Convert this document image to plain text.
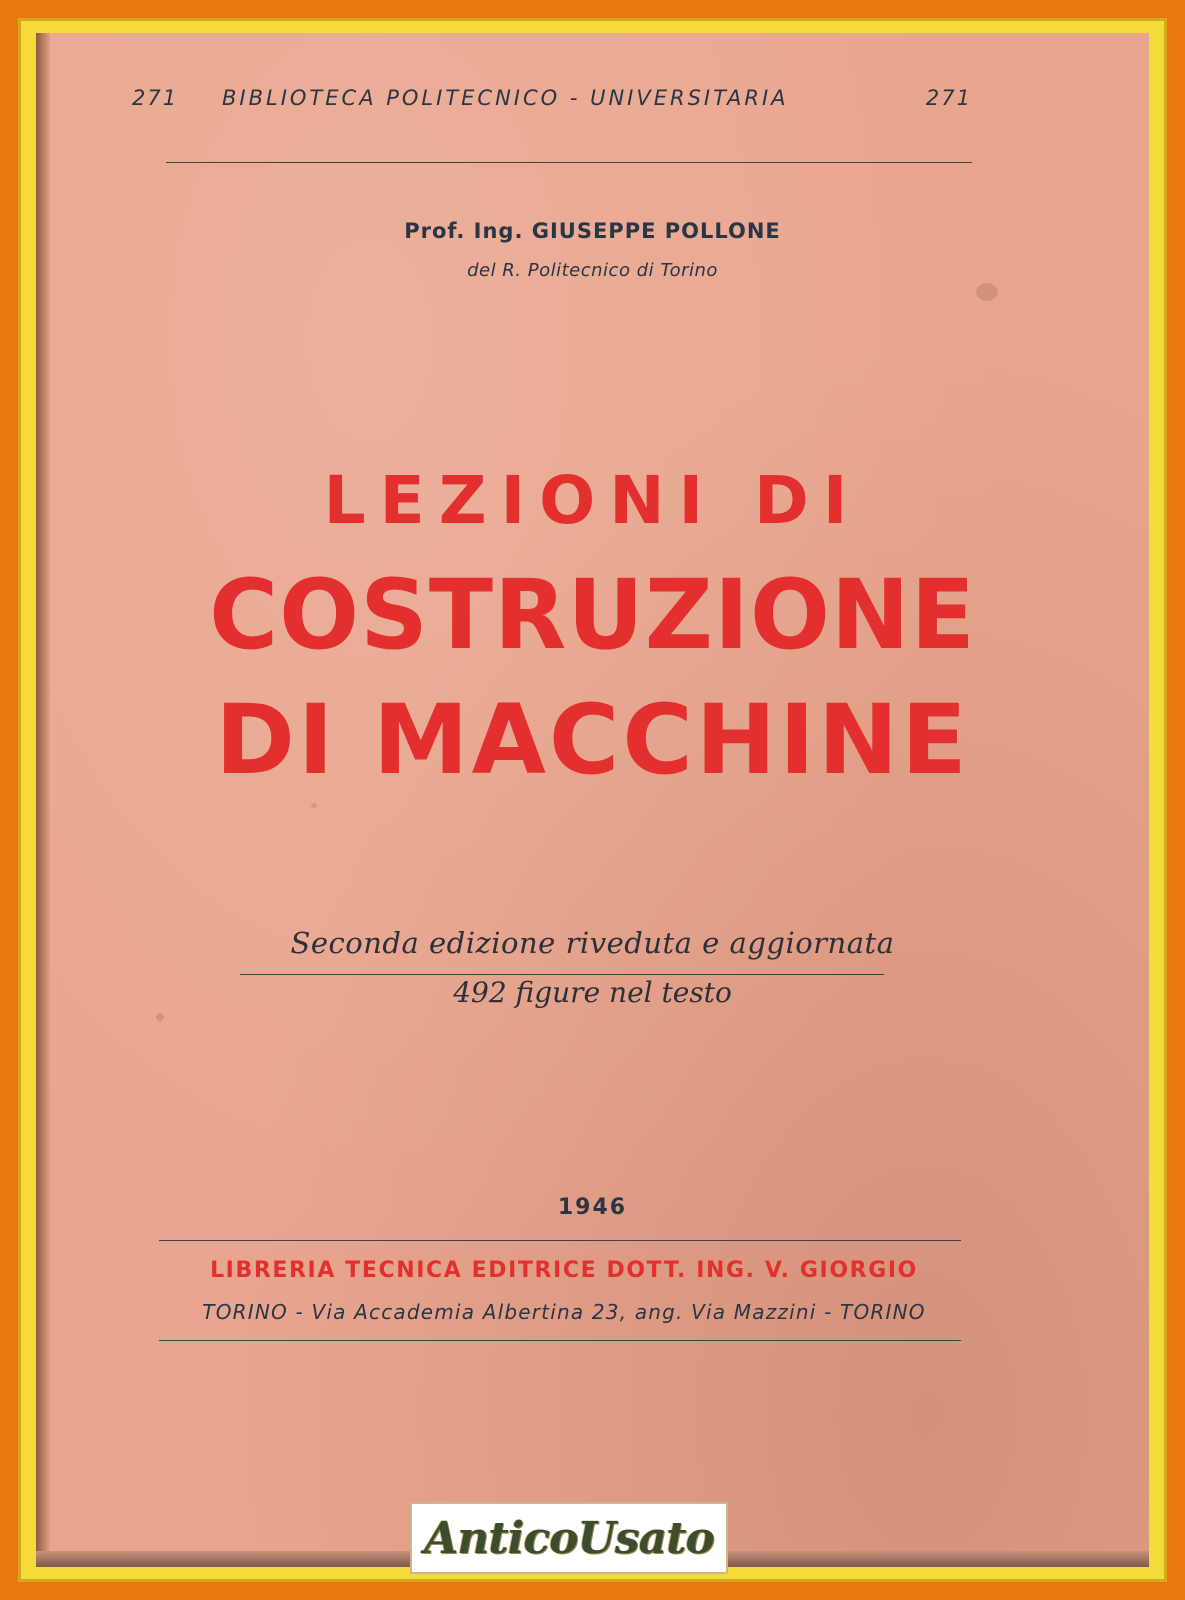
271 BIBLIOTECA POLITECNICO - UNIVERSITARIA	271
Prof. Ing. GIUSEPPE POLLONE
del R. Politecnico di Torino
LEZIONI DI
COSTRUZIONE
DI MACCHINE
Seconda edizione riveduta e aggiornata
492 figure nel testo
1946
LIBRERIA TECNICA EDITRICE DOTT. ING. V. GIORGIO
TORINO - Via Accademia Albertina 23, ang. Via Mazzini - TORINO
AnticoUsato
